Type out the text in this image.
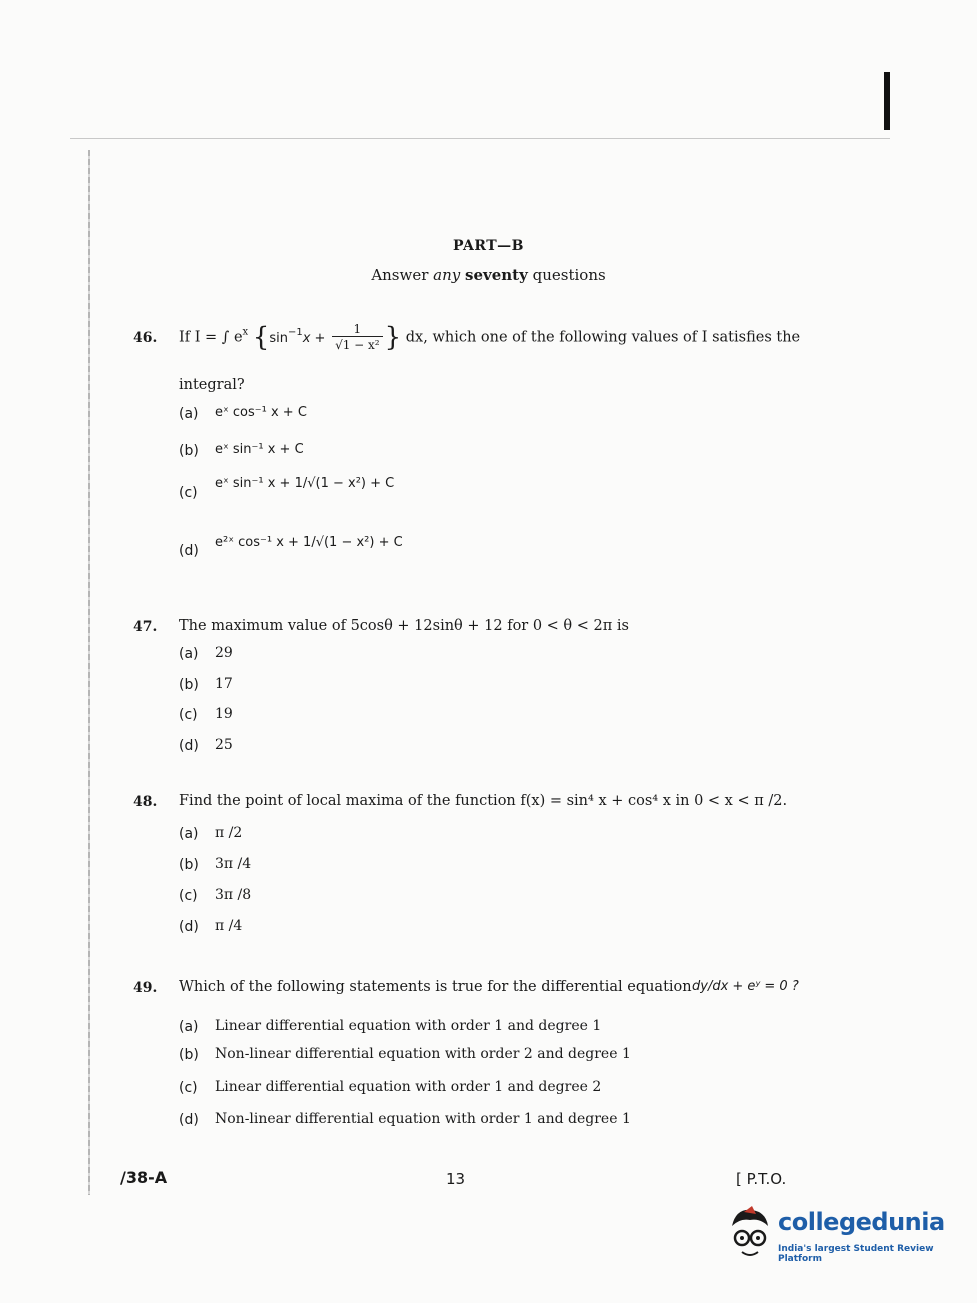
PART—B
Answer any seventy questions
46. If I = ∫ $e^x$ {$\sin^{-1}x + \frac{1}{\text{√1 − x²}}$ } dx, which one of the following values of I satisfies the
integral?
(a) eˣ cos⁻¹ x + C
(b) eˣ sin⁻¹ x + C
(c)
eˣ sin⁻¹ x + 1/√(1 − x²) + C
(d)
e²ˣ cos⁻¹ x + 1/√(1 − x²) + C
47. The maximum value of 5cosθ + 12sinθ + 12 for 0 < θ < 2π is
(a) 29
(b) 17
(c) 19
(d) 25
48. Find the point of local maxima of the function f(x) = sin⁴ x + cos⁴ x in 0 < x < π /2.
(a) π /2
(b) 3π /4
(c) 3π /8
(d) π /4
49. Which of the following statements is true for the differential equation dy/dx + eʸ = 0 ?
(a) Linear differential equation with order 1 and degree 1
(b) Non-linear differential equation with order 2 and degree 1
(c) Linear differential equation with order 1 and degree 2
(d) Non-linear differential equation with order 1 and degree 1
/38-A	13	[ P.T.O.
collegedunia
India's largest Student Review Platform
